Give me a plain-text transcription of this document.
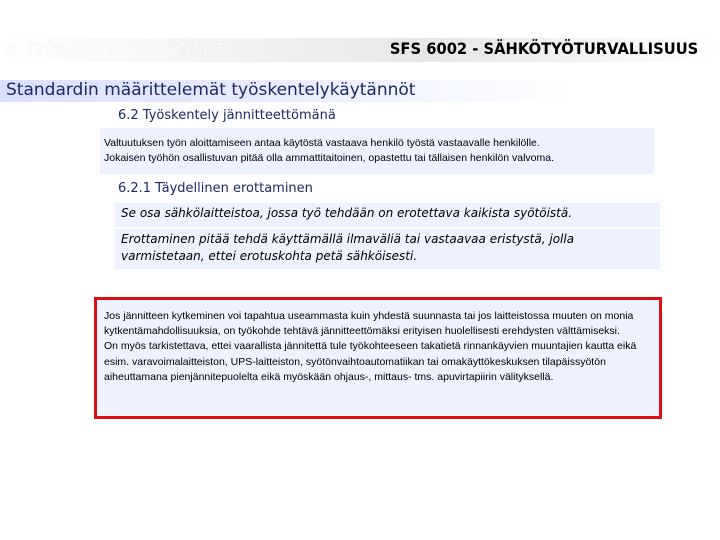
6. TYÖSKENTELYKÄYTÄNNÖT ...	SFS 6002 - SÄHKÖTYÖTURVALLISUUS
Standardin määrittelemät työskentelykäytännöt
6.2 Työskentely jännitteettömänä
Valtuutuksen työn aloittamiseen antaa käytöstä vastaava henkilö työstä vastaavalle henkilölle.
Jokaisen työhön osallistuvan pitää olla ammattitaitoinen, opastettu tai tällaisen henkilön valvoma.
6.2.1 Täydellinen erottaminen
Se osa sähkölaitteistoa, jossa työ tehdään on erotettava kaikista syötöistä.
Erottaminen pitää tehdä käyttämällä ilmaväliä tai vastaavaa eristystä, jolla varmistetaan, ettei erotuskohta petä sähköisesti.

Jos jännitteen kytkeminen voi tapahtua useammasta kuin yhdestä suunnasta tai jos laitteistossa muuten on monia kytkentämahdollisuuksia, on työkohde tehtävä jännitteettömäksi erityisen huolellisesti erehdysten välttämiseksi.

On myös tarkistettava, ettei vaarallista jännitettä tule työkohteeseen takatietä rinnankäyvien muuntajien kautta eikä esim. varavoimalaitteiston, UPS-laitteiston, syötönvaihtoautomatiikan tai omakäyttökeskuksen tilapäissyötön aiheuttamana pienjännitepuolelta eikä myöskään ohjaus-, mittaus- tms. apuvirtapiirin välityksellä.
